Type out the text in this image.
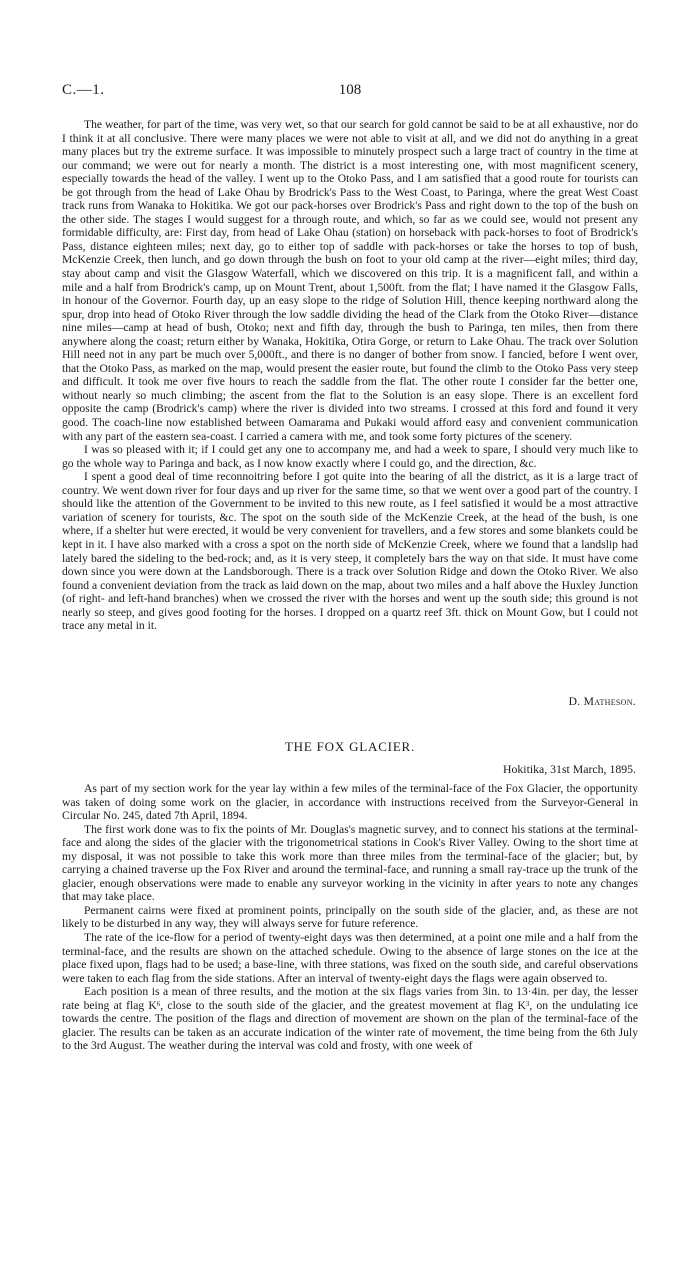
C.—1.	108

The weather, for part of the time, was very wet, so that our search for gold cannot be said to be at all exhaustive, nor do I think it at all conclusive. There were many places we were not able to visit at all, and we did not do anything in a great many places but try the extreme surface. It was impossible to minutely prospect such a large tract of country in the time at our command; we were out for nearly a month. The district is a most interesting one, with most magnificent scenery, especially towards the head of the valley. I went up to the Otoko Pass, and I am satisfied that a good route for tourists can be got through from the head of Lake Ohau by Brodrick's Pass to the West Coast, to Paringa, where the great West Coast track runs from Wanaka to Hokitika. We got our pack-horses over Brodrick's Pass and right down to the top of the bush on the other side. The stages I would suggest for a through route, and which, so far as we could see, would not present any formidable difficulty, are: First day, from head of Lake Ohau (station) on horseback with pack-horses to foot of Brodrick's Pass, distance eighteen miles; next day, go to either top of saddle with pack-horses or take the horses to top of bush, McKenzie Creek, then lunch, and go down through the bush on foot to your old camp at the river—eight miles; third day, stay about camp and visit the Glasgow Waterfall, which we discovered on this trip. It is a magnificent fall, and within a mile and a half from Brodrick's camp, up on Mount Trent, about 1,500ft. from the flat; I have named it the Glasgow Falls, in honour of the Governor. Fourth day, up an easy slope to the ridge of Solution Hill, thence keeping northward along the spur, drop into head of Otoko River through the low saddle dividing the head of the Clark from the Otoko River—distance nine miles—camp at head of bush, Otoko; next and fifth day, through the bush to Paringa, ten miles, then from there anywhere along the coast; return either by Wanaka, Hokitika, Otira Gorge, or return to Lake Ohau. The track over Solution Hill need not in any part be much over 5,000ft., and there is no danger of bother from snow. I fancied, before I went over, that the Otoko Pass, as marked on the map, would present the easier route, but found the climb to the Otoko Pass very steep and difficult. It took me over five hours to reach the saddle from the flat. The other route I consider far the better one, without nearly so much climbing; the ascent from the flat to the Solution is an easy slope. There is an excellent ford opposite the camp (Brodrick's camp) where the river is divided into two streams. I crossed at this ford and found it very good. The coach-line now established between Oamarama and Pukaki would afford easy and convenient communication with any part of the eastern sea-coast. I carried a camera with me, and took some forty pictures of the scenery.

I was so pleased with it; if I could get any one to accompany me, and had a week to spare, I should very much like to go the whole way to Paringa and back, as I now know exactly where I could go, and the direction, &c.

I spent a good deal of time reconnoitring before I got quite into the bearing of all the district, as it is a large tract of country. We went down river for four days and up river for the same time, so that we went over a good part of the country. I should like the attention of the Government to be invited to this new route, as I feel satisfied it would be a most attractive variation of scenery for tourists, &c. The spot on the south side of the McKenzie Creek, at the head of the bush, is one where, if a shelter hut were erected, it would be very convenient for travellers, and a few stores and some blankets could be kept in it. I have also marked with a cross a spot on the north side of McKenzie Creek, where we found that a landslip had lately bared the sideling to the bed-rock; and, as it is very steep, it completely bars the way on that side. It must have come down since you were down at the Landsborough. There is a track over Solution Ridge and down the Otoko River. We also found a convenient deviation from the track as laid down on the map, about two miles and a half above the Huxley Junction (of right- and left-hand branches) when we crossed the river with the horses and went up the south side; this ground is not nearly so steep, and gives good footing for the horses. I dropped on a quartz reef 3ft. thick on Mount Gow, but I could not trace any metal in it.

D. Matheson.
THE FOX GLACIER.
Hokitika, 31st March, 1895.

As part of my section work for the year lay within a few miles of the terminal-face of the Fox Glacier, the opportunity was taken of doing some work on the glacier, in accordance with instructions received from the Surveyor-General in Circular No. 245, dated 7th April, 1894.

The first work done was to fix the points of Mr. Douglas's magnetic survey, and to connect his stations at the terminal-face and along the sides of the glacier with the trigonometrical stations in Cook's River Valley. Owing to the short time at my disposal, it was not possible to take this work more than three miles from the terminal-face of the glacier; but, by carrying a chained traverse up the Fox River and around the terminal-face, and running a small ray-trace up the trunk of the glacier, enough observations were made to enable any surveyor working in the vicinity in after years to note any changes that may take place.

Permanent cairns were fixed at prominent points, principally on the south side of the glacier, and, as these are not likely to be disturbed in any way, they will always serve for future reference.

The rate of the ice-flow for a period of twenty-eight days was then determined, at a point one mile and a half from the terminal-face, and the results are shown on the attached schedule. Owing to the absence of large stones on the ice at the place fixed upon, flags had to be used; a base-line, with three stations, was fixed on the south side, and careful observations were taken to each flag from the side stations. After an interval of twenty-eight days the flags were again observed to.

Each position is a mean of three results, and the motion at the six flags varies from 3in. to 13·4in. per day, the lesser rate being at flag $K^6$, close to the south side of the glacier, and the greatest movement at flag $K^3$, on the undulating ice towards the centre. The position of the flags and direction of movement are shown on the plan of the terminal-face of the glacier. The results can be taken as an accurate indication of the winter rate of movement, the time being from the 6th July to the 3rd August. The weather during the interval was cold and frosty, with one week of
